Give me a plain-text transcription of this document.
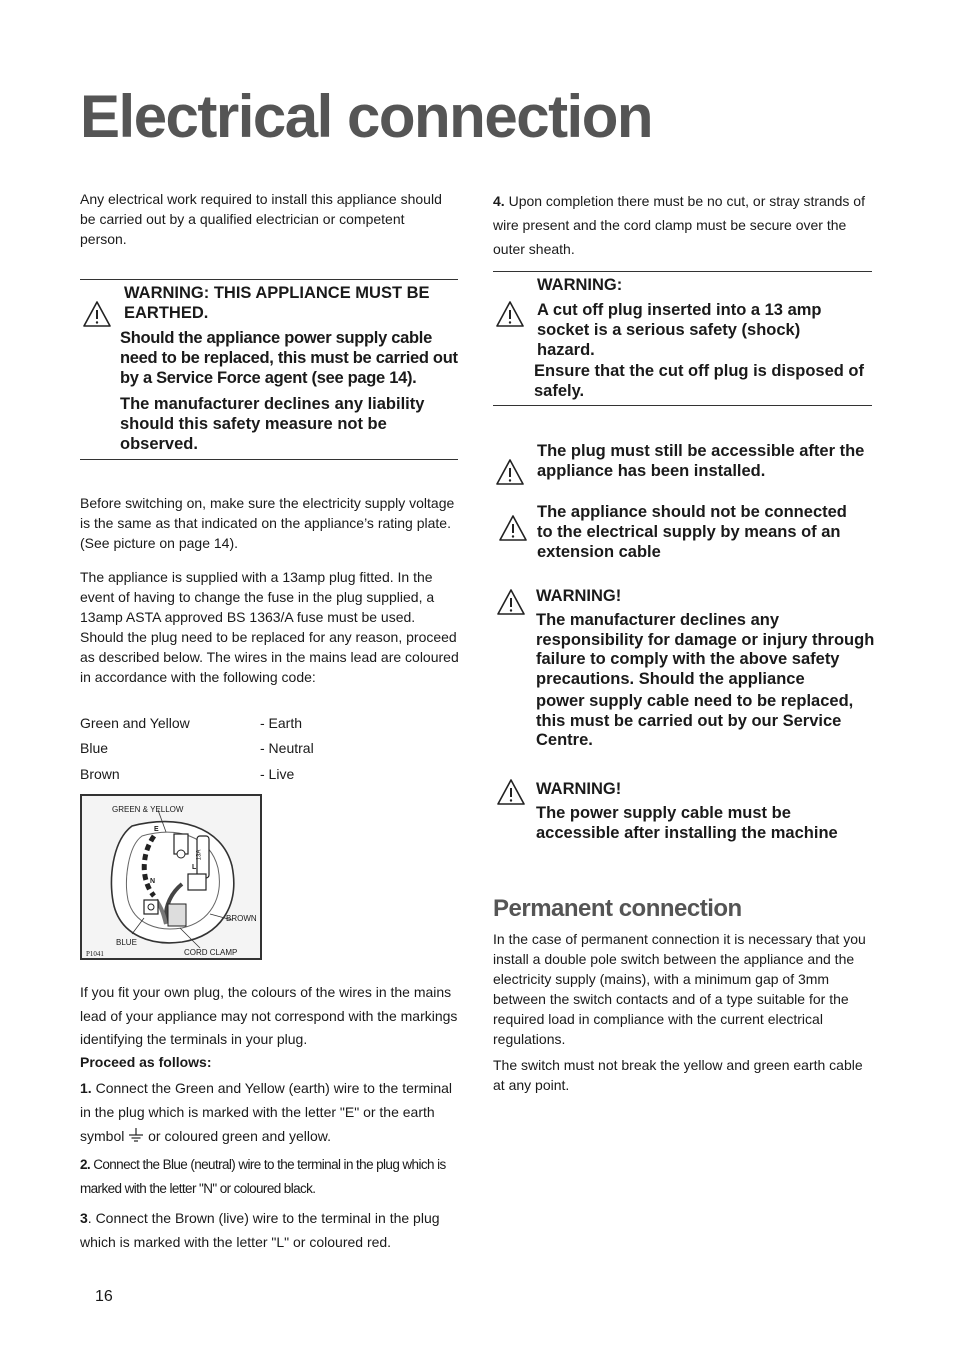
Electrical connection

Any electrical work required to install this appliance should be carried out by a qualified electrician or competent person.

WARNING: THIS APPLIANCE MUST BE EARTHED.

Should the appliance power supply cable need to be replaced, this must be carried out by a Service Force agent (see page 14).

The manufacturer declines any liability should this safety measure not be observed.

Before switching on, make sure the electricity supply voltage is the same as that indicated on the appliance’s rating plate. (See picture on page 14).

The appliance is supplied with a 13amp plug fitted. In the event of having to change the fuse in the plug supplied, a 13amp ASTA approved BS 1363/A fuse must be used. Should the plug need to be replaced for any reason, proceed as described below. The wires in the mains lead are coloured in accordance with the following code:

Green and Yellow	- Earth
Blue	- Neutral
Brown	- Live
GREEN & YELLOW
BROWN
BLUE
CORD CLAMP
P1041
E
N
L
13A

If you fit your own plug, the colours of the wires in the mains lead of your appliance may not correspond with the markings identifying the terminals in your plug.

Proceed as follows:

1. Connect the Green and Yellow (earth) wire to the terminal in the plug which is marked with the letter "E" or the earth symbol  or coloured green and yellow.

2. Connect the Blue (neutral) wire to the terminal in the plug which is marked with the letter "N" or coloured black.

3. Connect the Brown (live) wire to the terminal in the plug which is marked with the letter "L" or coloured red.

16

4. Upon completion there must be no cut, or stray strands of wire present and the cord clamp must be secure over the outer sheath.

WARNING:

A cut off plug inserted into a 13 amp socket is a serious safety (shock) hazard.

Ensure that the cut off plug is disposed of safely.

The plug must still be accessible after the appliance has been installed.

The appliance should not be connected to the electrical supply by means of an extension cable

WARNING!

The manufacturer declines any responsibility for damage or injury through failure to comply with the above safety precautions. Should the appliance

power supply cable need to be replaced, this must be carried out by our Service Centre.

WARNING!

The power supply cable must be accessible after installing the machine

Permanent connection

In the case of permanent connection it is necessary that you install a double pole switch between the appliance and the electricity supply (mains), with a minimum gap of 3mm between the switch contacts and of a type suitable for the required load in compliance with the current electrical regulations.

The switch must not break the yellow and green earth cable at any point.
